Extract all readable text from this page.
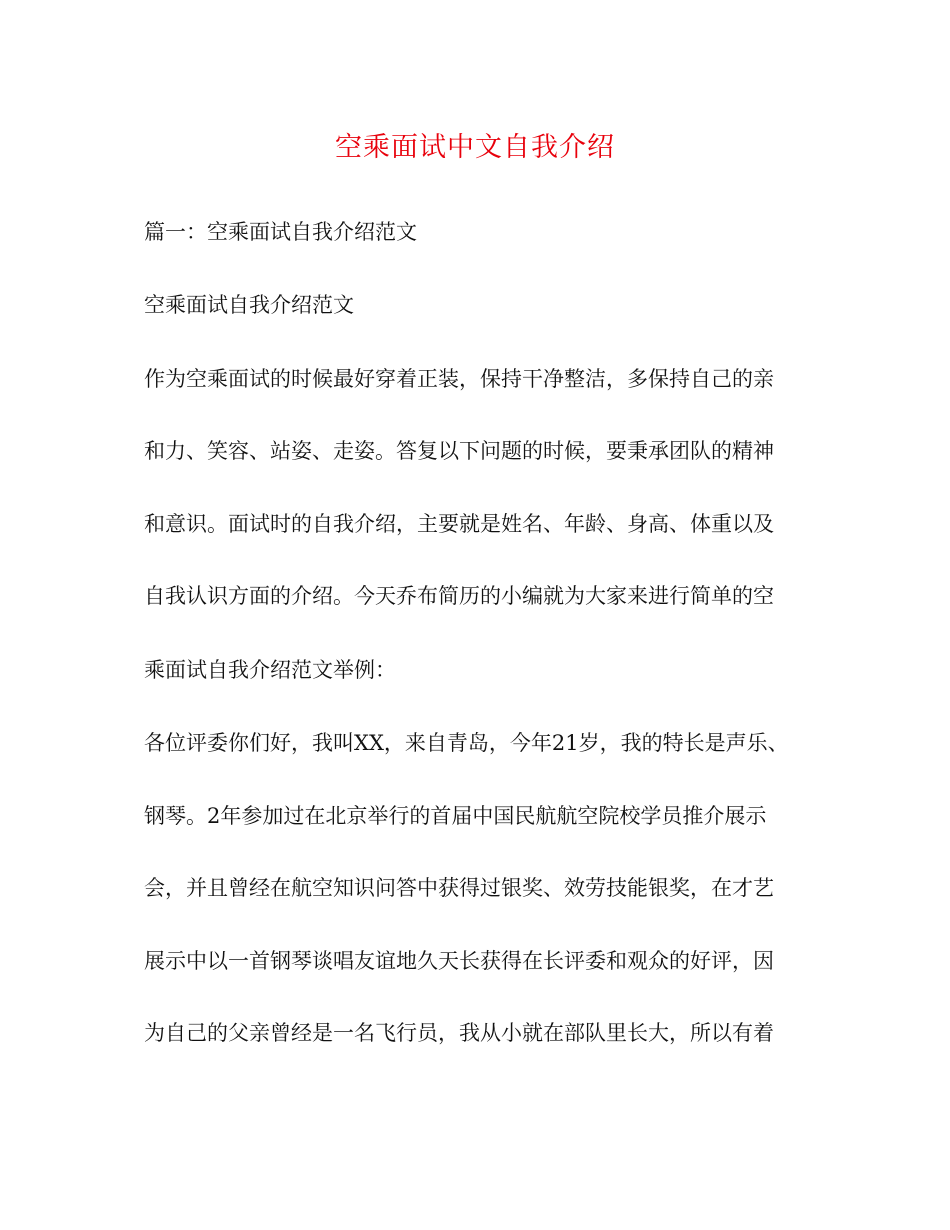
空乘面试中文自我介绍
篇一：空乘面试自我介绍范文
空乘面试自我介绍范文
作为空乘面试的时候最好穿着正装，保持干净整洁，多保持自己的亲
和力、笑容、站姿、走姿。答复以下问题的时候，要秉承团队的精神
和意识。面试时的自我介绍，主要就是姓名、年龄、身高、体重以及
自我认识方面的介绍。今天乔布简历的小编就为大家来进行简单的空
乘面试自我介绍范文举例：
各位评委你们好，我叫XX，来自青岛，今年21岁，我的特长是声乐、
钢琴。2年参加过在北京举行的首届中国民航航空院校学员推介展示
会，并且曾经在航空知识问答中获得过银奖、效劳技能银奖，在才艺
展示中以一首钢琴谈唱友谊地久天长获得在长评委和观众的好评，因
为自己的父亲曾经是一名飞行员，我从小就在部队里长大，所以有着
